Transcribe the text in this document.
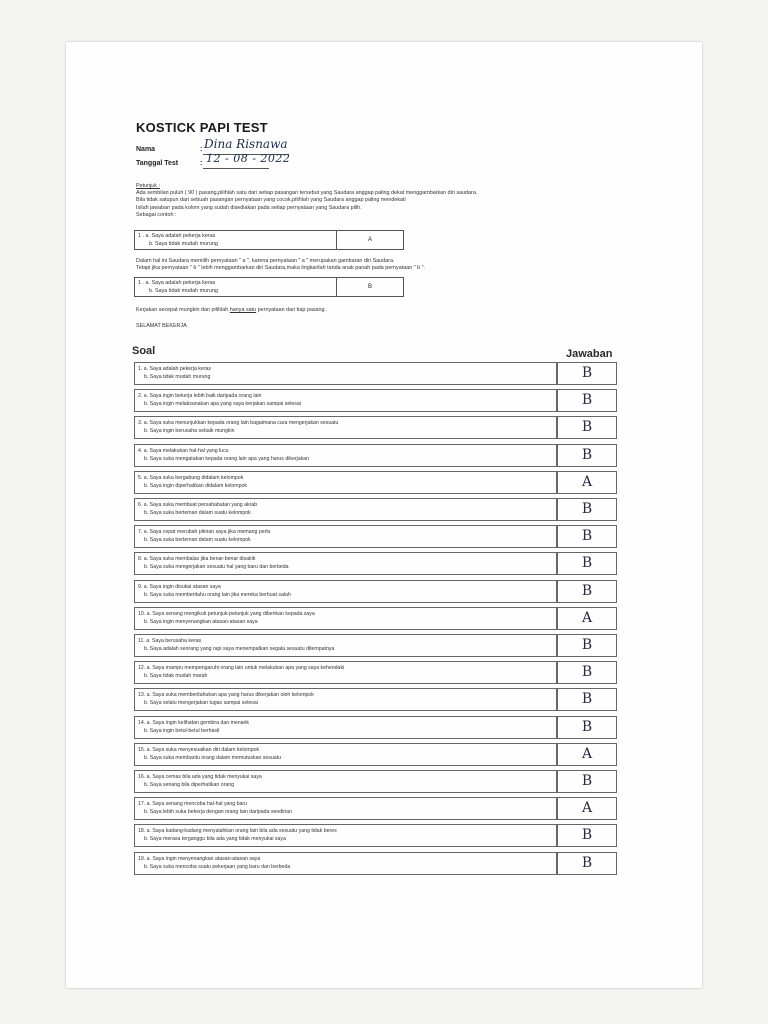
KOSTICK PAPI TEST
Nama	: Dina Risnawa
Tanggal Test	: 12 - 08 - 2022
Petunjuk :
Ada sembilan puluh ( 90 ) pasang,pilihlah satu dari setiap pasangan tersebut yang Saudara anggap paling dekat menggambarkan diri saudara.
Bila tidak satupun dari sebuah pasangan pernyataan yang cocok,pilihlah yang Saudara anggap paling mendekati
Isilah jawaban pada kolom yang sudah disediakan pada setiap pernyataan yang Saudara pilih.
Sebagai contoh :
1 . a. Saya adalah pekerja keras
b. Saya tidak mudah murung
A
Dalam hal ini Saudara memilih pernyataan " a ", karena pernyataan " a " merupakan gambaran diri Saudara.
Tetapi jika pernyataan " b " lebih menggambarkan diri Saudara,maka lingkarilah tanda anak panah pada pernyataan " b ".
1 . a. Saya adalah pekerja keras
b. Saya tidak mudah murung
B
Kerjakan secepat mungkin dan pilihlah hanya satu pernyataan dari tiap pasang.
SELAMAT BEKERJA
Soal	Jawaban
1. a. Saya adalah pekerja keras
b. Saya tidak mudah murung	B
2. a. Saya ingin bekerja lebih baik daripada orang lain
b. Saya ingin melaksanakan apa yang saya kerjakan sampai selesai	B
3. a. Saya suka menunjukkan kepada orang lain bagaimana cara mengerjakan sesuatu
b. Saya ingin berusaha sebaik mungkin	B
4. a. Saya melakukan hal-hal yang lucu
b. Saya suka mengatakan kepada orang lain apa yang harus dikerjakan	B
5. a. Saya suka bergabung didalam kelompok
b. Saya ingin diperhatikan didalam kelompok	A
6. a. Saya suka membuat persahabatan yang akrab
b. Saya suka berteman dalam suatu kelompok	B
7. a. Saya cepat merubah pikiran saya jika memang perlu
b. Saya suka berteman dalam suatu kelompok	B
8. a. Saya suka membalas jika benar-benar disakiti
b. Saya suka mengerjakan sesuatu hal yang baru dan berbeda	B
9. a. Saya ingin disukai atasan saya
b. Saya suka memberitahu orang lain jika mereka berbuat salah	B
10. a. Saya senang mengikuti petunjuk-petunjuk yang diberikan kepada saya
b. Saya ingin menyenangkan atasan-atasan saya	A
11. a. Saya berusaha keras
b. Saya adalah seorang yang rapi saya menempatkan segala sesuatu ditempatnya	B
12. a. Saya mampu mempengaruhi orang lain untuk melakukan apa yang saya kehendaki
b. Saya tidak mudah marah	B
13. a. Saya suka memberitahukan apa yang harus dikerjakan oleh kelompok
b. Saya selalu mengerjakan tugas sampai selesai	B
14. a. Saya ingin kelihatan gembira dan menarik
b. Saya ingin betul-betul berhasil	B
15. a. Saya suka menyesuaikan diri dalam kelompok
b. Saya suka membantu orang dalam memutuskan sesuatu	A
16. a. Saya cemas bila ada yang tidak menyukai saya
b. Saya senang bila diperhatikan orang	B
17. a. Saya senang mencoba hal-hal yang baru
b. Saya lebih suka bekerja dengan orang lain daripada sendirian	A
18. a. Saya kadang-kadang menyalahkan orang lain bila ada sesuatu yang tidak beres
b. Saya merasa terganggu bila ada yang tidak menyukai saya	B
19. a. Saya ingin menyenangkan atasan-atasan saya
b. Saya suka mencoba suatu pekerjaan yang baru dan berbeda	B
